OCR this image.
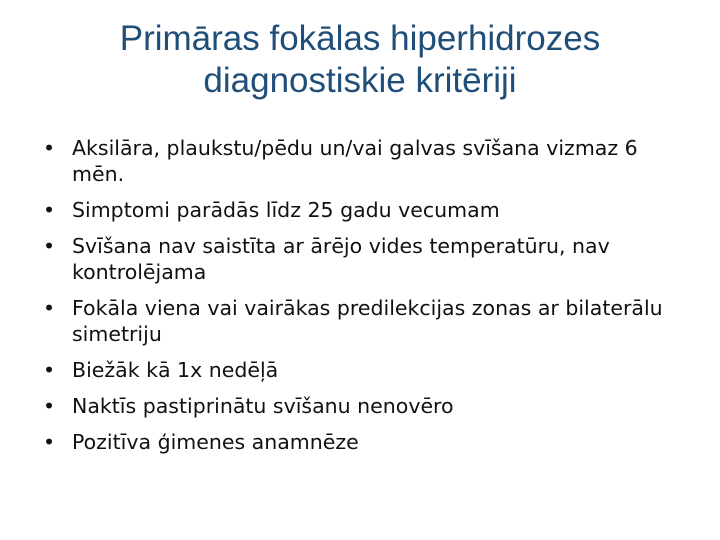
Primāras fokālas hiperhidrozes
diagnostiskie kritēriji
• Aksilāra, plaukstu/pēdu un/vai galvas svīšana vizmaz 6 mēn.
• Simptomi parādās līdz 25 gadu vecumam
• Svīšana nav saistīta ar ārējo vides temperatūru, nav kontrolējama
• Fokāla viena vai vairākas predilekcijas zonas ar bilaterālu simetriju
• Biežāk kā 1x nedēļā
• Naktīs pastiprinātu svīšanu nenovēro
• Pozitīva ģimenes anamnēze
